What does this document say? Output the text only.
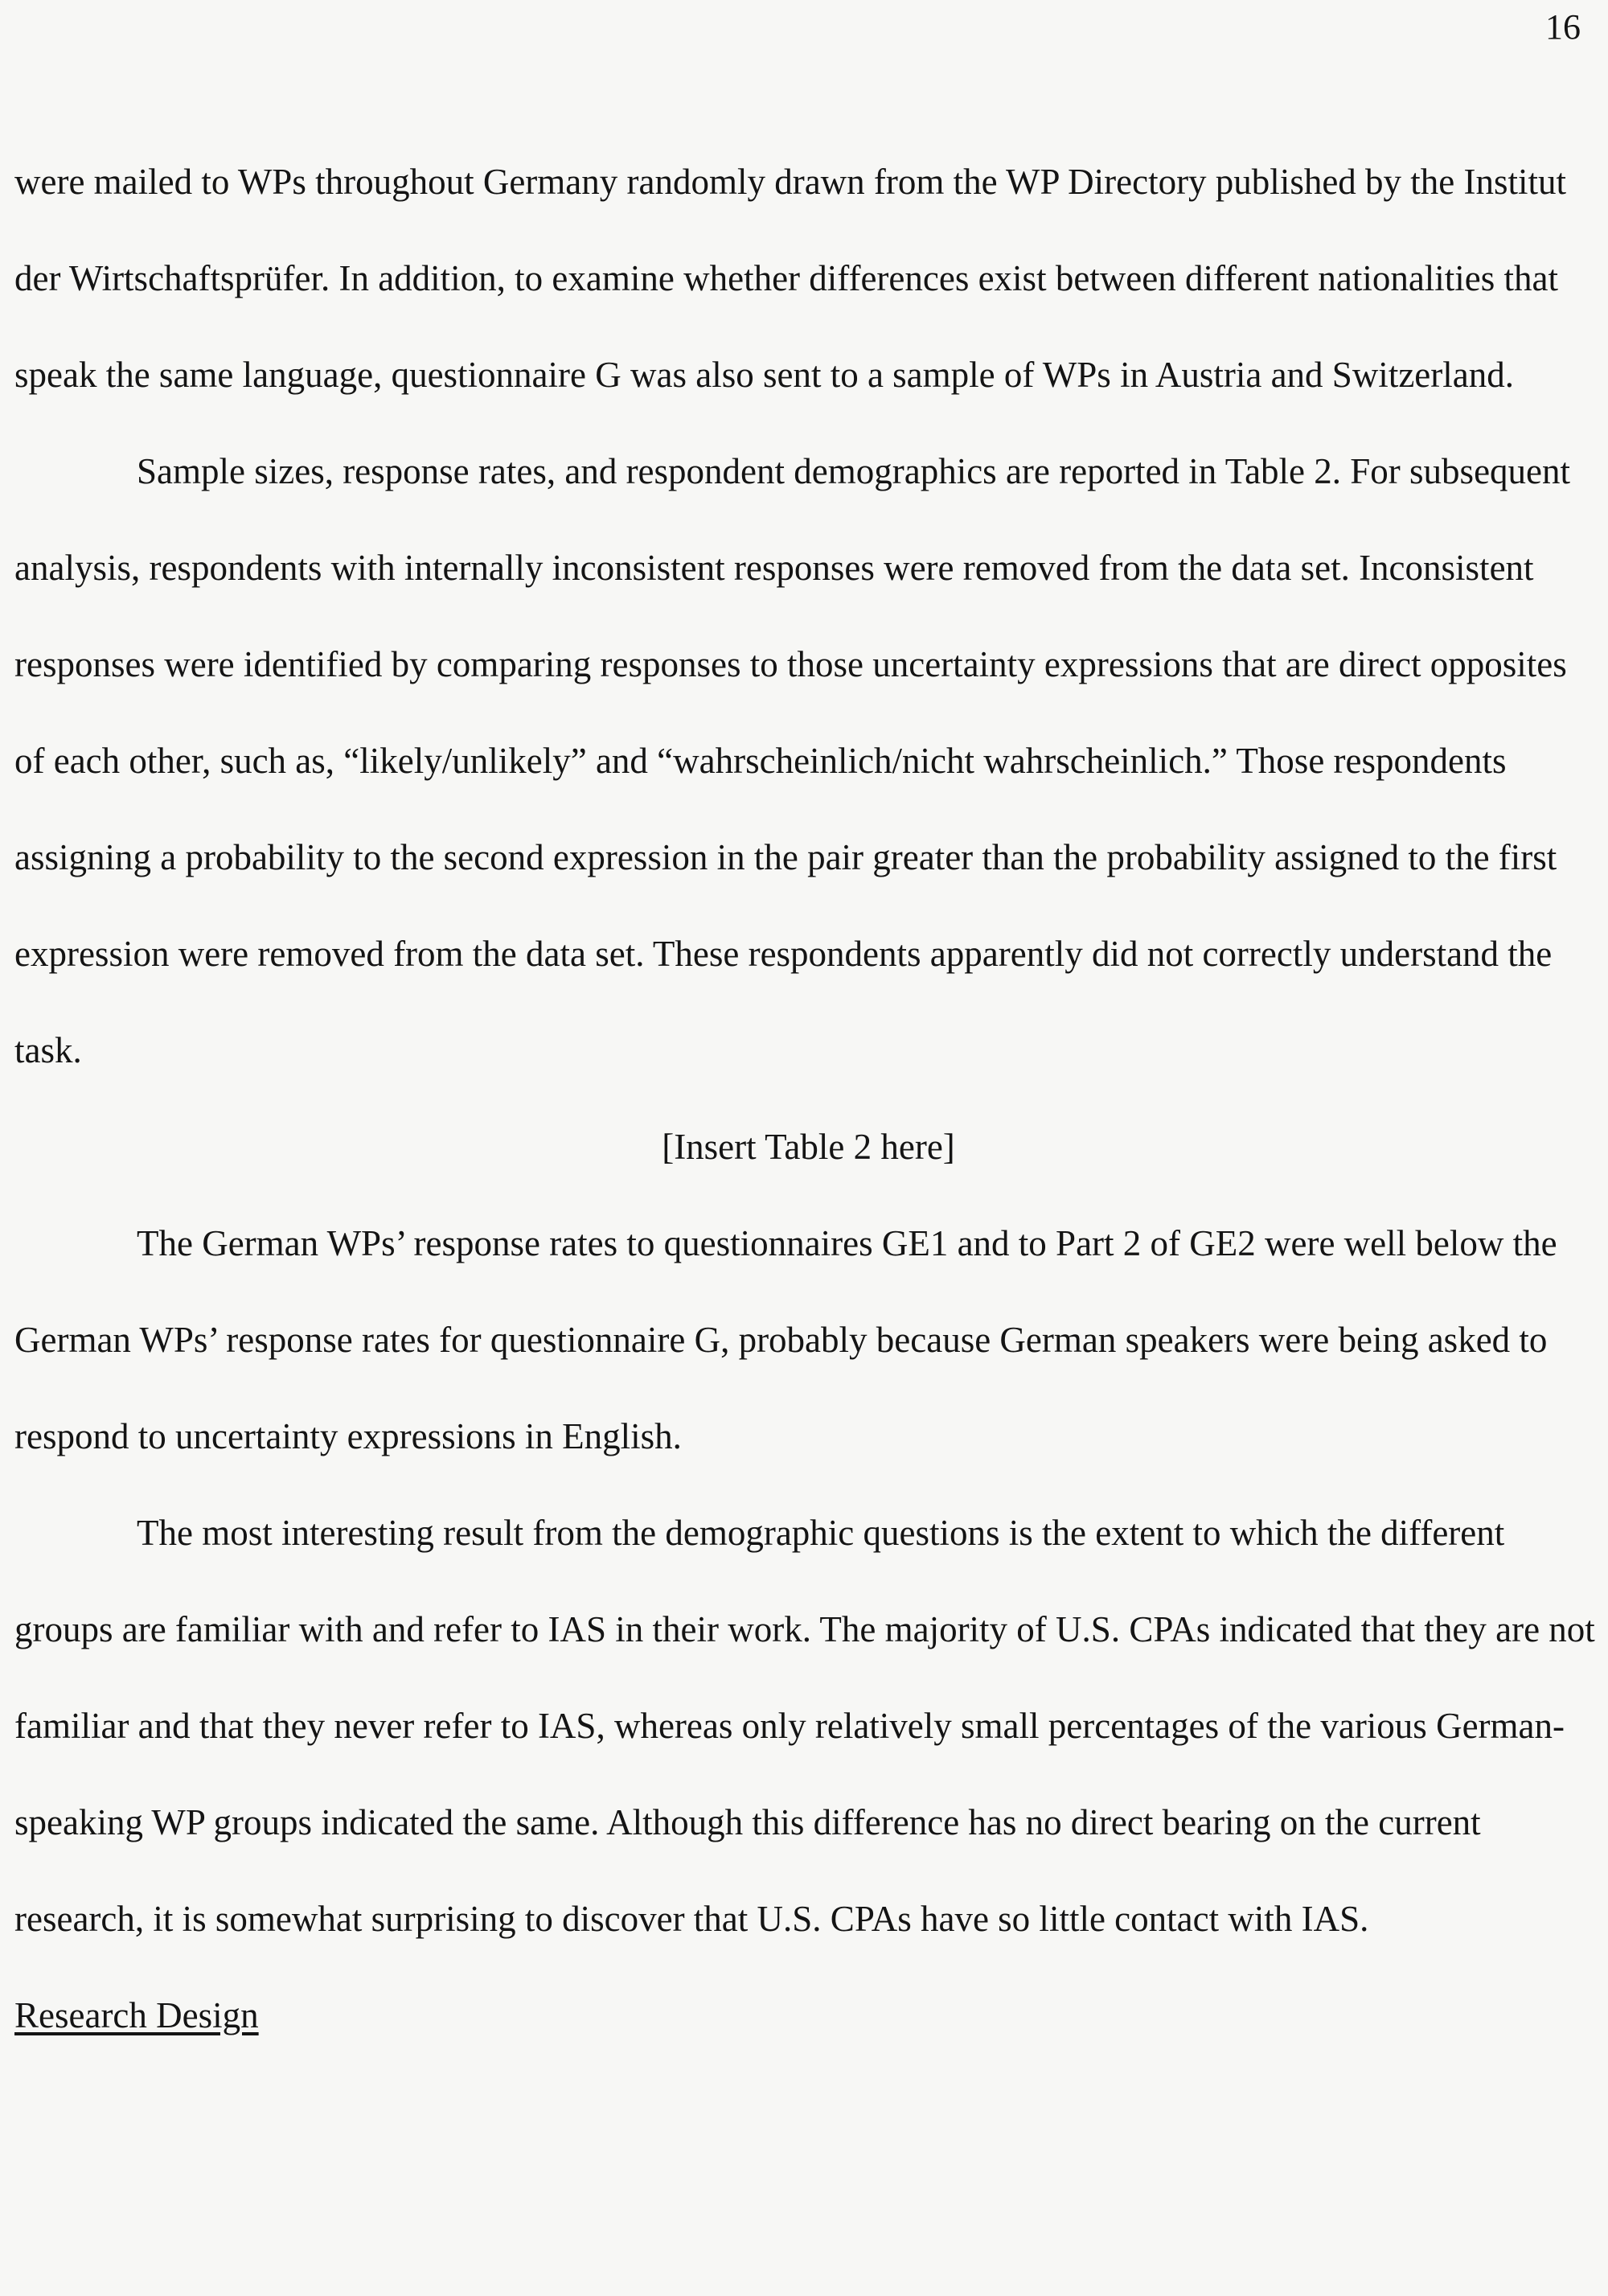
16

were mailed to WPs throughout Germany randomly drawn from the WP Directory published by the Institut der Wirtschaftsprüfer. In addition, to examine whether differences exist between different nationalities that speak the same language, questionnaire G was also sent to a sample of WPs in Austria and Switzerland.

Sample sizes, response rates, and respondent demographics are reported in Table 2. For subsequent analysis, respondents with internally inconsistent responses were removed from the data set. Inconsistent responses were identified by comparing responses to those uncertainty expressions that are direct opposites of each other, such as, “likely/unlikely” and “wahrscheinlich/nicht wahrscheinlich.” Those respondents assigning a probability to the second expression in the pair greater than the probability assigned to the first expression were removed from the data set. These respondents apparently did not correctly understand the task.

[Insert Table 2 here]

The German WPs’ response rates to questionnaires GE1 and to Part 2 of GE2 were well below the German WPs’ response rates for questionnaire G, probably because German speakers were being asked to respond to uncertainty expressions in English.

The most interesting result from the demographic questions is the extent to which the different groups are familiar with and refer to IAS in their work. The majority of U.S. CPAs indicated that they are not familiar and that they never refer to IAS, whereas only relatively small percentages of the various German-speaking WP groups indicated the same. Although this difference has no direct bearing on the current research, it is somewhat surprising to discover that U.S. CPAs have so little contact with IAS.

Research Design
